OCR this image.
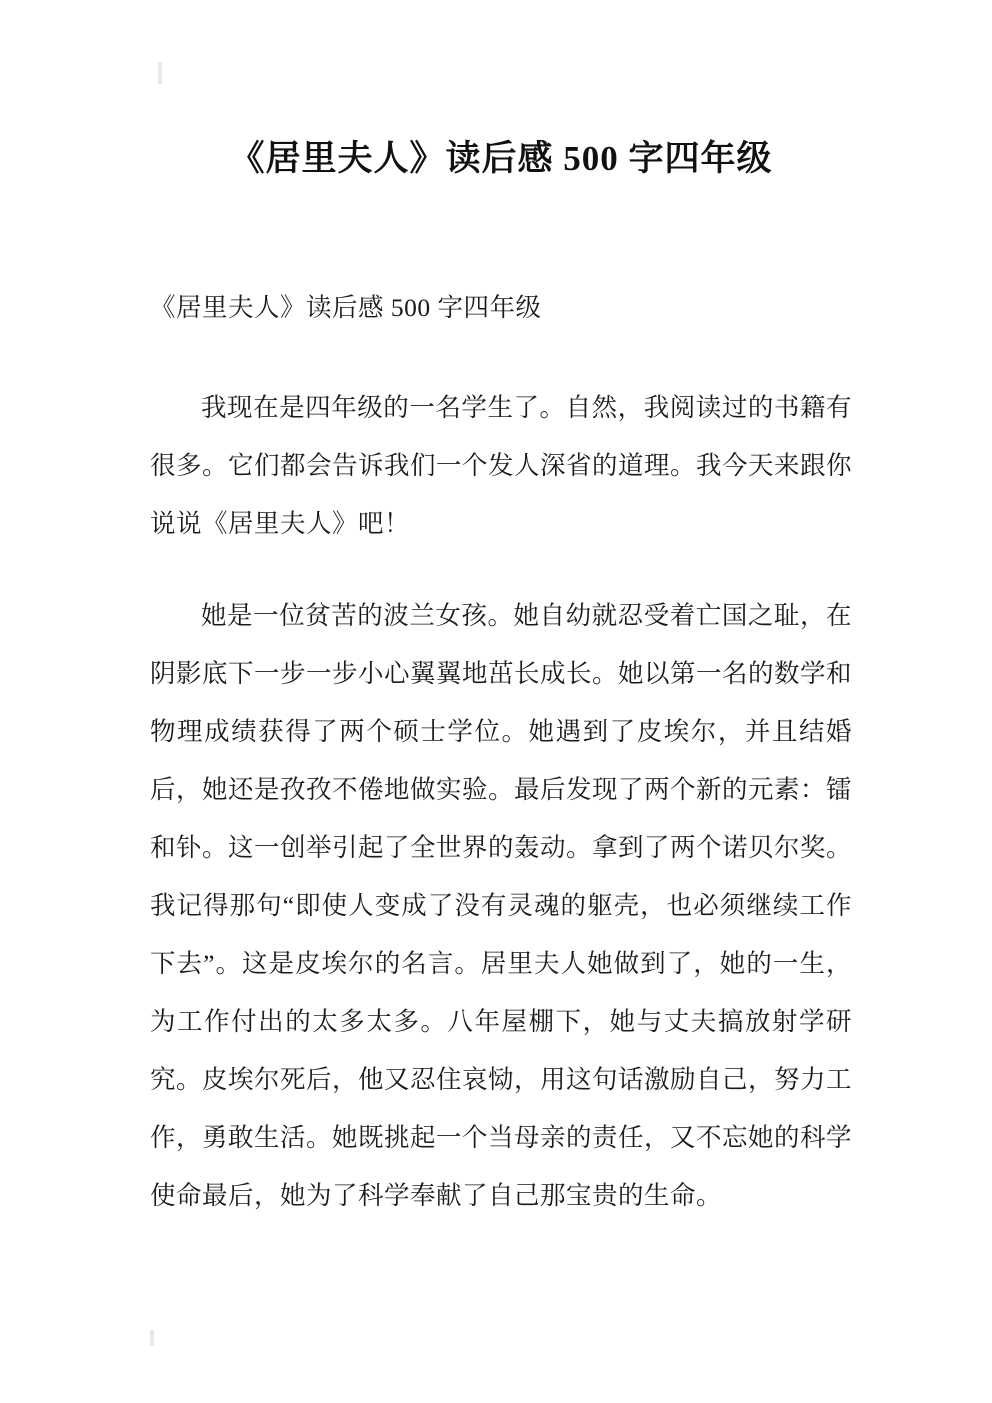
《居里夫人》读后感 500 字四年级

《居里夫人》读后感 500 字四年级

我现在是四年级的一名学生了。自然，我阅读过的书籍有很多。它们都会告诉我们一个发人深省的道理。我今天来跟你说说《居里夫人》吧！

她是一位贫苦的波兰女孩。她自幼就忍受着亡国之耻，在阴影底下一步一步小心翼翼地茁长成长。她以第一名的数学和物理成绩获得了两个硕士学位。她遇到了皮埃尔，并且结婚后，她还是孜孜不倦地做实验。最后发现了两个新的元素：镭和钋。这一创举引起了全世界的轰动。拿到了两个诺贝尔奖。我记得那句“即使人变成了没有灵魂的躯壳，也必须继续工作下去”。这是皮埃尔的名言。居里夫人她做到了，她的一生，为工作付出的太多太多。八年屋棚下，她与丈夫搞放射学研究。皮埃尔死后，他又忍住哀恸，用这句话激励自己，努力工作，勇敢生活。她既挑起一个当母亲的责任，又不忘她的科学使命最后，她为了科学奉献了自己那宝贵的生命。
